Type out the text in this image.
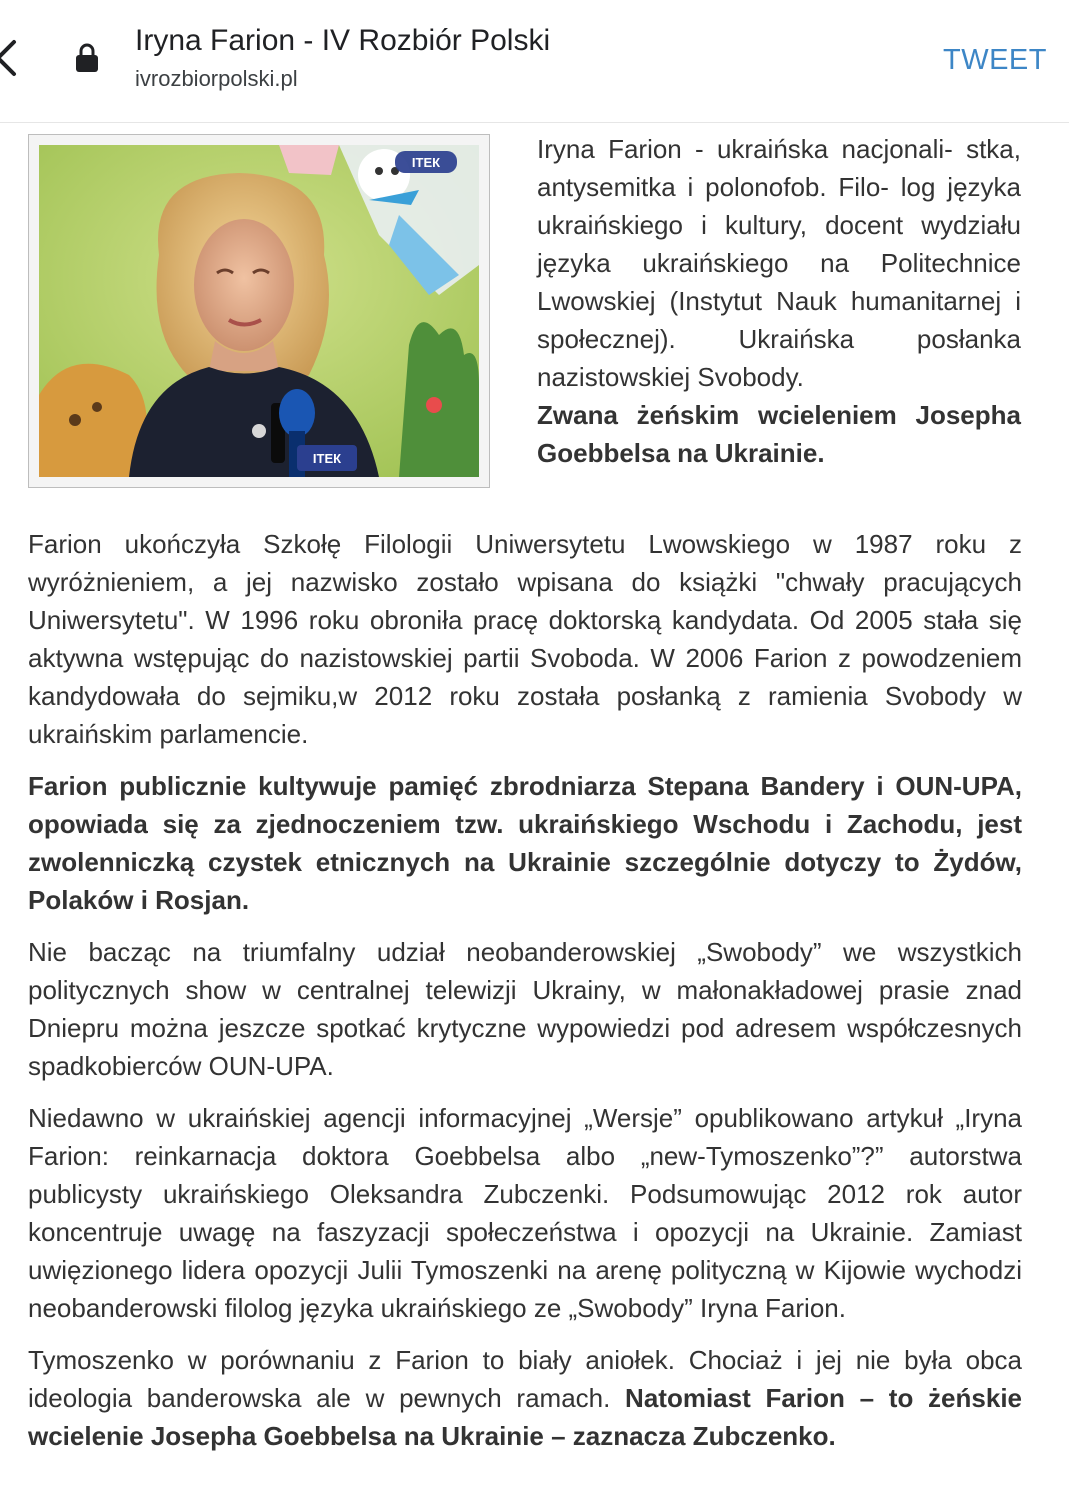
Iryna Farion - IV Rozbiór Polski
ivrozbiorpolski.pl
TWEET
ІТЕК
ІТЕК	Iryna Farion - ukraińska nacjonali- stka, antysemitka i polonofob. Filo- log języka ukraińskiego i kultury, docent wydziału języka ukraińskiego na Politechnice Lwowskiej (Instytut Nauk humanitarnej i społecznej). Ukraińska posłanka nazistowskiej Svobody.

Zwana żeńskim wcieleniem Josepha Goebbelsa na Ukrainie.

Farion ukończyła Szkołę Filologii Uniwersytetu Lwowskiego w 1987 roku z wyróżnieniem, a jej nazwisko zostało wpisana do książki "chwały pracujących Uniwersytetu". W 1996 roku obroniła pracę doktorską kandydata. Od 2005 stała się aktywna wstępując do nazistowskiej partii Svoboda. W 2006 Farion z powodzeniem kandydowała do sejmiku,w 2012 roku została posłanką z ramienia Svobody w ukraińskim parlamencie.

Farion publicznie kultywuje pamięć zbrodniarza Stepana Bandery i OUN-UPA, opowiada się za zjednoczeniem tzw. ukraińskiego Wschodu i Zachodu, jest zwolenniczką czystek etnicznych na Ukrainie szczególnie dotyczy to Żydów, Polaków i Rosjan.

Nie bacząc na triumfalny udział neobanderowskiej „Swobody” we wszystkich politycznych show w centralnej telewizji Ukrainy, w małonakładowej prasie znad Dniepru można jeszcze spotkać krytyczne wypowiedzi pod adresem współczesnych spadkobierców OUN-UPA.

Niedawno w ukraińskiej agencji informacyjnej „Wersje” opublikowano artykuł „Iryna Farion: reinkarnacja doktora Goebbelsa albo „new-Tymoszenko”?” autorstwa publicysty ukraińskiego Oleksandra Zubczenki. Podsumowując 2012 rok autor koncentruje uwagę na faszyzacji społeczeństwa i opozycji na Ukrainie. Zamiast uwięzionego lidera opozycji Julii Tymoszenki na arenę polityczną w Kijowie wychodzi neobanderowski filolog języka ukraińskiego ze „Swobody” Iryna Farion.

Tymoszenko w porównaniu z Farion to biały aniołek. Chociaż i jej nie była obca ideologia banderowska ale w pewnych ramach. Natomiast Farion – to żeńskie wcielenie Josepha Goebbelsa na Ukrainie – zaznacza Zubczenko.
